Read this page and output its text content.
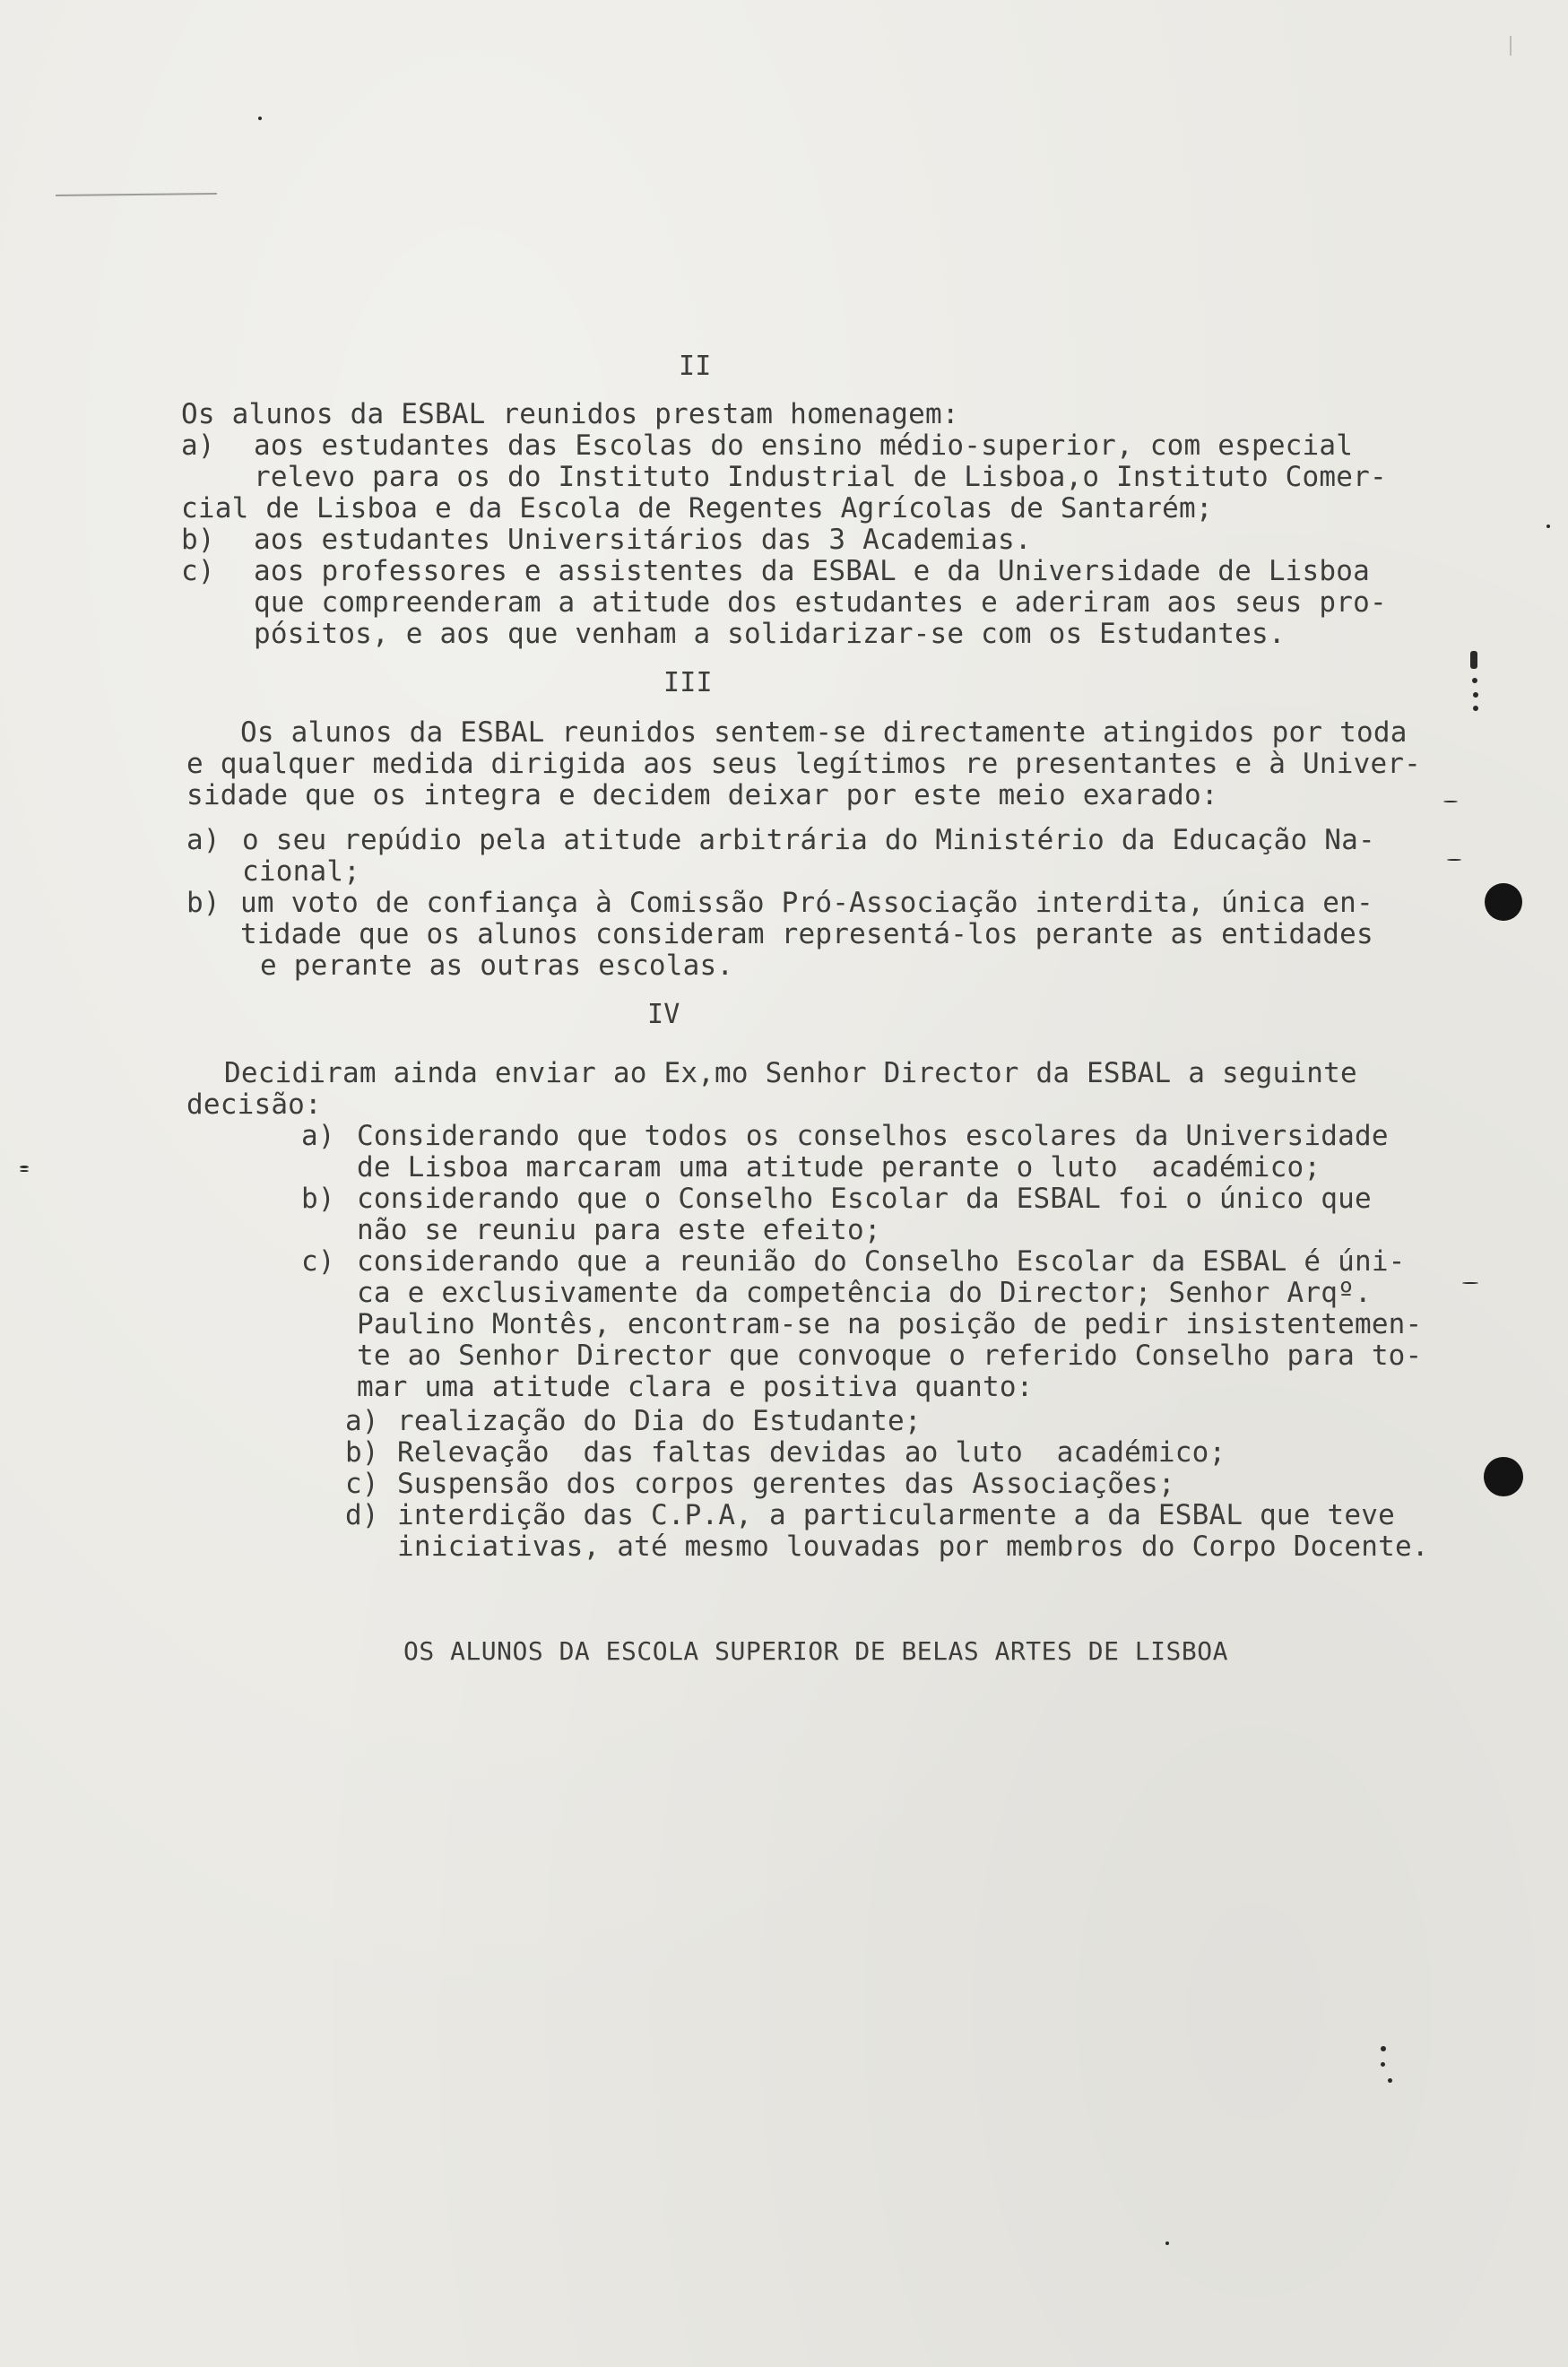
II
Os alunos da ESBAL reunidos prestam homenagem:
a) aos estudantes das Escolas do ensino médio-superior, com especial
relevo para os do Instituto Industrial de Lisboa,o Instituto Comer-
cial de Lisboa e da Escola de Regentes Agrícolas de Santarém;
b) aos estudantes Universitários das 3 Academias.
c) aos professores e assistentes da ESBAL e da Universidade de Lisboa
que compreenderam a atitude dos estudantes e aderiram aos seus pro-
pósitos, e aos que venham a solidarizar-se com os Estudantes.
III
Os alunos da ESBAL reunidos sentem-se directamente atingidos por toda
e qualquer medida dirigida aos seus legítimos re presentantes e à Univer-
sidade que os integra e decidem deixar por este meio exarado:
a) o seu repúdio pela atitude arbitrária do Ministério da Educação Na-
cional;
b) um voto de confiança à Comissão Pró-Associação interdita, única en-
tidade que os alunos consideram representá-los perante as entidades
e perante as outras escolas.
IV
Decidiram ainda enviar ao Ex,mo Senhor Director da ESBAL a seguinte
decisão:
a) Considerando que todos os conselhos escolares da Universidade
de Lisboa marcaram uma atitude perante o luto  académico;
b) considerando que o Conselho Escolar da ESBAL foi o único que
não se reuniu para este efeito;
c) considerando que a reunião do Conselho Escolar da ESBAL é úni-
ca e exclusivamente da competência do Director; Senhor Arqº.
Paulino Montês, encontram-se na posição de pedir insistentemen-
te ao Senhor Director que convoque o referido Conselho para to-
mar uma atitude clara e positiva quanto:
a) realização do Dia do Estudante;
b) Relevação  das faltas devidas ao luto  académico;
c) Suspensão dos corpos gerentes das Associações;
d) interdição das C.P.A, a particularmente a da ESBAL que teve
iniciativas, até mesmo louvadas por membros do Corpo Docente.
OS ALUNOS DA ESCOLA SUPERIOR DE BELAS ARTES DE LISBOA
